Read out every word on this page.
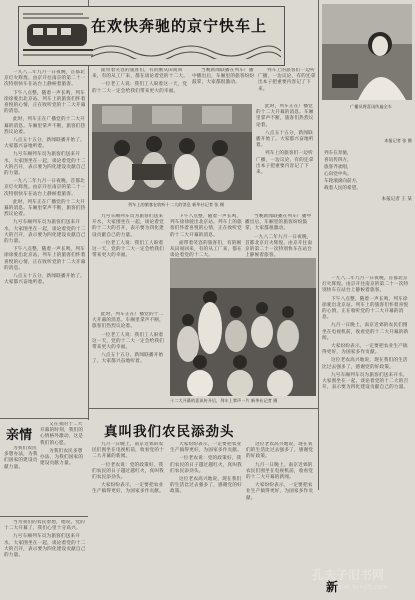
在欢快奔驰的京宁快车上

一九八二年九月一日夜晚，首都北京灯火辉煌。由京开往南京的第二十一次特别快车在站台上静候着旅客。

下午八点整，随着一声长鸣，列车徐徐驶出北京站。列车上的旅客们怀着喜悦的心情，正在收听党的十二大开幕的消息。

此时，列车正在广播党的十二大开幕的消息。车厢里掌声不断，旅客们热烈议论着。

八点五十五分，新闻联播开始了。大家都兴奋地听着。

九号车厢列车员为旅客们送来开水，大家围坐在一起，谈论着党的十二大的召开，表示要为四化建设贡献自己的力量。

一九八二年九月一日夜晚，首都北京灯火辉煌。由京开往南京的第二十一次特别快车在站台上静候着旅客。

此时，列车正在广播党的十二大开幕的消息。车厢里掌声不断，旅客们热烈议论着。

九号车厢列车员为旅客们送来开水，大家围坐在一起，谈论着党的十二大的召开，表示要为四化建设贡献自己的力量。

下午八点整，随着一声长鸣，列车徐徐驶出北京站。列车上的旅客们怀着喜悦的心情，正在收听党的十二大开幕的消息。

八点五十五分，新闻联播开始了。大家都兴奋地听着。

面带着笑容的旅客们，有的刚从田间回来，有的从工厂来，都在谈论着党的十二大。

一位老工人说：我们工人盼着这一天，党的十二大一定会给我们带来更大的幸福。

当晚新闻联播在列车广播中播出后，车厢里的旅客纷纷鼓掌，大家都很激动。

列车上的旅客们一边听广播，一边议论，有的还拿出本子把重要内容记了下来。

列车上的旅客在收听十二大的消息 新华社记者 张 摄

此时，列车正在广播党的十二大开幕的消息。车厢里掌声不断，旅客们热烈议论着。

八点五十五分，新闻联播开始了。大家都兴奋地听着。

列车上的旅客们一边听广播，一边议论，有的还拿出本子把重要内容记了下来。

九号车厢列车员为旅客们送来开水，大家围坐在一起，谈论着党的十二大的召开，表示要为四化建设贡献自己的力量。

一位老工人说：我们工人盼着这一天，党的十二大一定会给我们带来更大的幸福。

下午八点整，随着一声长鸣，列车徐徐驶出北京站。列车上的旅客们怀着喜悦的心情，正在收听党的十二大开幕的消息。

面带着笑容的旅客们，有的刚从田间回来，有的从工厂来，都在谈论着党的十二大。

当晚新闻联播在列车广播中播出后，车厢里的旅客纷纷鼓掌，大家都很激动。

一九八二年九月一日夜晚，首都北京灯火辉煌。由京开往南京的第二十一次特别快车在站台上静候着旅客。

十二大开幕的喜讯传开后，列车上掌声一片 新华社记者 摄

此时，列车正在广播党的十二大开幕的消息。车厢里掌声不断，旅客们热烈议论着。

一位老工人说：我们工人盼着这一天，党的十二大一定会给我们带来更大的幸福。

八点五十五分，新闻联播开始了。大家都兴奋地听着。

广播员将喜讯传遍全车
本报记者 张 摄
列车在奔驰，
喜讯传四方，
旅客齐欢唱，
心向党中央。
车轮滚滚向前方，
载着人民的希望。
本报记者 王 某

一九八二年九月一日夜晚，首都北京灯火辉煌。由京开往南京的第二十一次特别快车在站台上静候着旅客。

下午八点整，随着一声长鸣，列车徐徐驶出北京站。列车上的旅客们怀着喜悦的心情，正在收听党的十二大开幕的消息。

九月一日晚上，南京近郊的农民们围坐在电视机前，收看党的十二大开幕的新闻。

大家纷纷表示，一定要把农业生产搞得更好，为国家多作贡献。

这位老农高兴地说，现在我们的生活比过去强多了，感谢党的好政策。

九号车厢列车员为旅客们送来开水，大家围坐在一起，谈论着党的十二大的召开，表示要为四化建设贡献自己的力量。

亲情

又在我的十二大开幕的时刻，我们的心情格外激动，这是我们的心愿。

为我们农民多想办法，为我们国家的建设贡献力量。

为我们农民多想办法，为我们国家的建设贡献力量。

当为我们的农民着想，他说，党的十二大开幕了，我们心里十分高兴。

九号车厢列车员为旅客们送来开水，大家围坐在一起，谈论着党的十二大的召开，表示要为四化建设贡献自己的力量。

真叫我们农民添劲头

九月一日晚上，南京近郊的农民们围坐在电视机前，收看党的十二大开幕的新闻。

一位老农说：党的政策好，我们农民的日子越过越红火，真叫我们农民添劲头。

大家纷纷表示，一定要把农业生产搞得更好，为国家多作贡献。

大家纷纷表示，一定要把农业生产搞得更好，为国家多作贡献。

一位老农说：党的政策好，我们农民的日子越过越红火，真叫我们农民添劲头。

这位老农高兴地说，现在我们的生活比过去强多了，感谢党的好政策。

这位老农高兴地说，现在我们的生活比过去强多了，感谢党的好政策。

九月一日晚上，南京近郊的农民们围坐在电视机前，收看党的十二大开幕的新闻。

大家纷纷表示，一定要把农业生产搞得更好，为国家多作贡献。

新
孔夫子旧书网
book.kongfz.com
